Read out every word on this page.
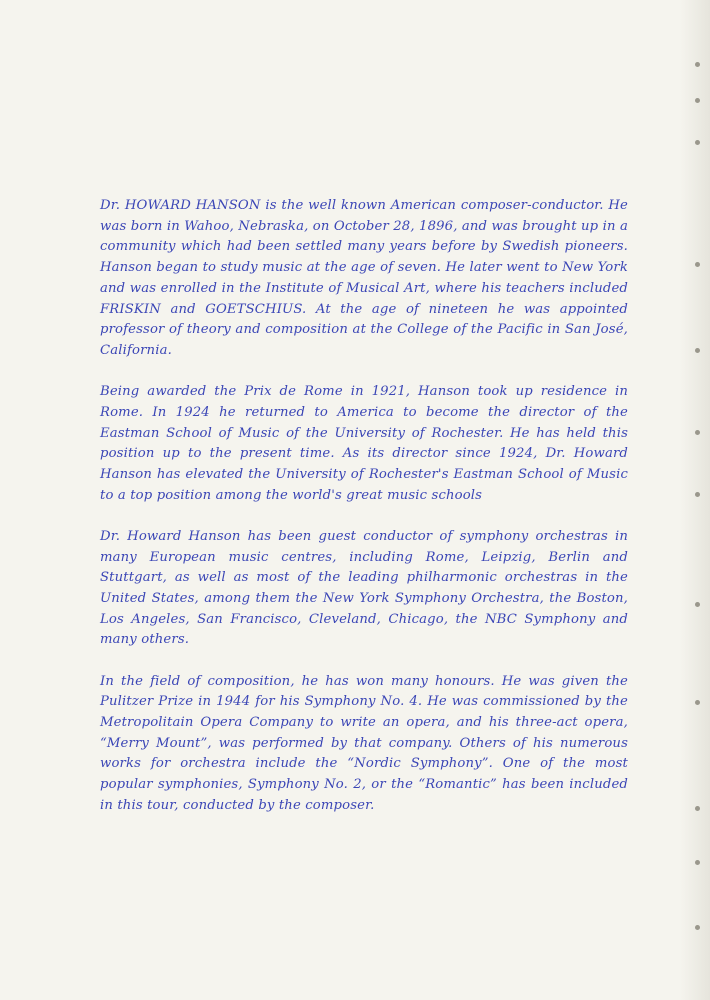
Dr. HOWARD HANSON is the well known American composer-conductor. He was born in Wahoo, Nebraska, on October 28, 1896, and was brought up in a community which had been settled many years before by Swedish pioneers. Hanson began to study music at the age of seven. He later went to New York and was enrolled in the Institute of Musical Art, where his teachers included FRISKIN and GOETSCHIUS. At the age of nineteen he was appointed professor of theory and composition at the College of the Pacific in San José, California.

Being awarded the Prix de Rome in 1921, Hanson took up residence in Rome. In 1924 he returned to America to become the director of the Eastman School of Music of the University of Rochester. He has held this position up to the present time. As its director since 1924, Dr. Howard Hanson has elevated the University of Rochester's Eastman School of Music to a top position among the world's great music schools

Dr. Howard Hanson has been guest conductor of symphony orchestras in many European music centres, including Rome, Leipzig, Berlin and Stuttgart, as well as most of the leading philharmonic orchestras in the United States, among them the New York Symphony Orchestra, the Boston, Los Angeles, San Francisco, Cleveland, Chicago, the NBC Symphony and many others.

In the field of composition, he has won many honours. He was given the Pulitzer Prize in 1944 for his Symphony No. 4. He was commissioned by the Metropolitain Opera Company to write an opera, and his three-act opera, “Merry Mount”, was performed by that company. Others of his numerous works for orchestra include the “Nordic Symphony”. One of the most popular symphonies, Symphony No. 2, or the “Romantic” has been included in this tour, conducted by the composer.
